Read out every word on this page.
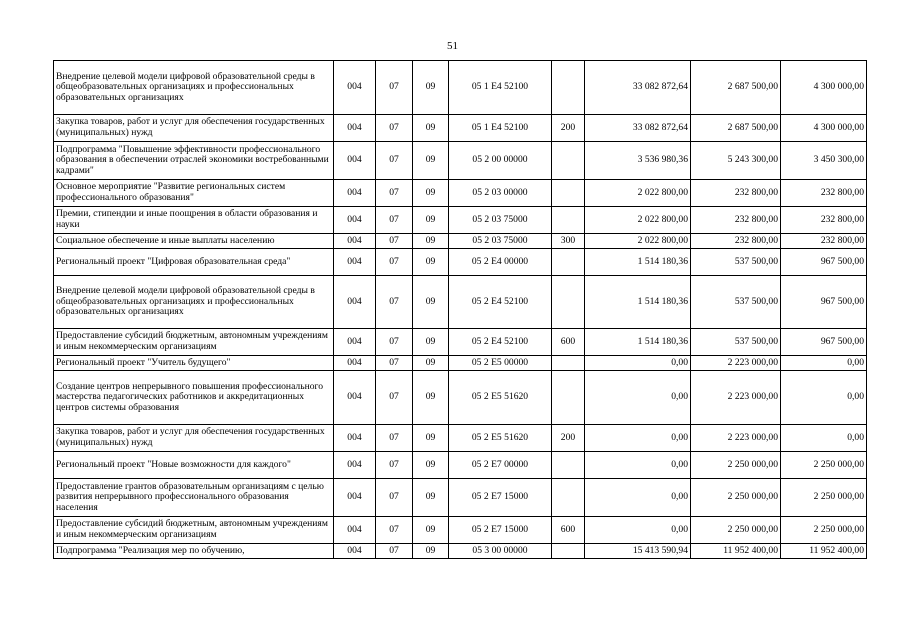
51
Внедрение целевой модели цифровой образовательной среды в общеобразовательных организациях и профессиональных образовательных организациях	004	07	09	05 1 E4 52100		33 082 872,64	2 687 500,00	4 300 000,00
Закупка товаров, работ и услуг для обеспечения государственных (муниципальных) нужд	004	07	09	05 1 E4 52100	200	33 082 872,64	2 687 500,00	4 300 000,00
Подпрограмма "Повышение эффективности профессионального образования в обеспечении отраслей экономики востребованными кадрами"	004	07	09	05 2 00 00000		3 536 980,36	5 243 300,00	3 450 300,00
Основное мероприятие "Развитие региональных систем профессионального образования"	004	07	09	05 2 03 00000		2 022 800,00	232 800,00	232 800,00
Премии, стипендии и иные поощрения в области образования и науки	004	07	09	05 2 03 75000		2 022 800,00	232 800,00	232 800,00
Социальное обеспечение и иные выплаты населению	004	07	09	05 2 03 75000	300	2 022 800,00	232 800,00	232 800,00
Региональный проект "Цифровая образовательная среда"	004	07	09	05 2 E4 00000		1 514 180,36	537 500,00	967 500,00
Внедрение целевой модели цифровой образовательной среды в общеобразовательных организациях и профессиональных образовательных организациях	004	07	09	05 2 E4 52100		1 514 180,36	537 500,00	967 500,00
Предоставление субсидий бюджетным, автономным учреждениям и иным некоммерческим организациям	004	07	09	05 2 E4 52100	600	1 514 180,36	537 500,00	967 500,00
Региональный проект "Учитель будущего"	004	07	09	05 2 E5 00000		0,00	2 223 000,00	0,00
Создание центров непрерывного повышения профессионального мастерства педагогических работников и аккредитационных центров системы образования	004	07	09	05 2 E5 51620		0,00	2 223 000,00	0,00
Закупка товаров, работ и услуг для обеспечения государственных (муниципальных) нужд	004	07	09	05 2 E5 51620	200	0,00	2 223 000,00	0,00
Региональный проект "Новые возможности для каждого"	004	07	09	05 2 E7 00000		0,00	2 250 000,00	2 250 000,00
Предоставление грантов образовательным организациям с целью развития непрерывного профессионального образования населения	004	07	09	05 2 E7 15000		0,00	2 250 000,00	2 250 000,00
Предоставление субсидий бюджетным, автономным учреждениям и иным некоммерческим организациям	004	07	09	05 2 E7 15000	600	0,00	2 250 000,00	2 250 000,00
Подпрограмма "Реализация мер по обучению,	004	07	09	05 3 00 00000		15 413 590,94	11 952 400,00	11 952 400,00
